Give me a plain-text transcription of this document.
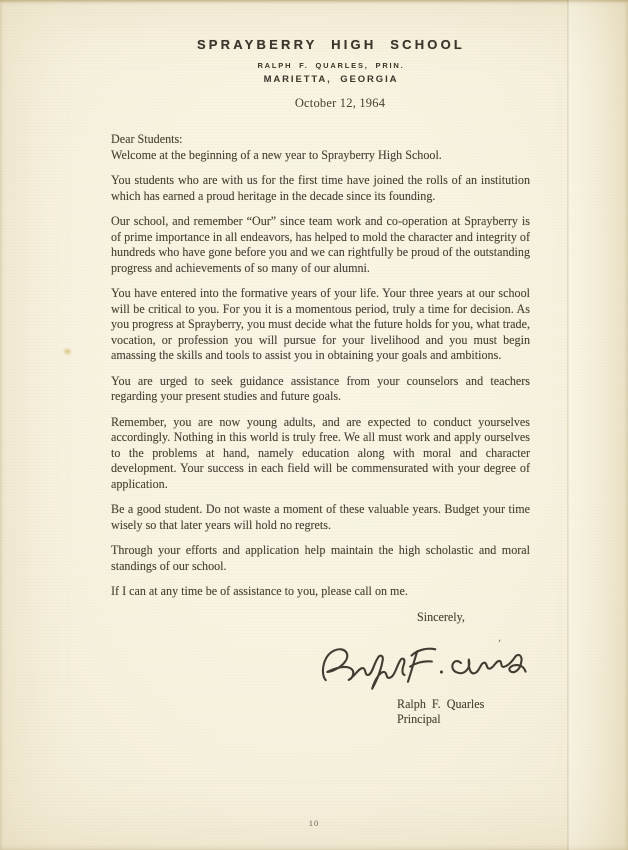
’
SPRAYBERRY HIGH SCHOOL
RALPH F. QUARLES, PRIN.
MARIETTA, GEORGIA
October 12, 1964

Dear Students:

Welcome at the beginning of a new year to Sprayberry High School.

You students who are with us for the first time have joined the rolls of an institution which has earned a proud heritage in the decade since its founding.

Our school, and remember “Our” since team work and co-operation at Sprayberry is of prime importance in all endeavors, has helped to mold the character and integrity of hundreds who have gone before you and we can rightfully be proud of the outstanding progress and achievements of so many of our alumni.

You have entered into the formative years of your life. Your three years at our school will be critical to you. For you it is a momentous period, truly a time for decision. As you progress at Sprayberry, you must decide what the future holds for you, what trade, vocation, or profession you will pursue for your livelihood and you must begin amassing the skills and tools to assist you in obtaining your goals and ambitions.

You are urged to seek guidance assistance from your counselors and teachers regarding your present studies and future goals.

Remember, you are now young adults, and are expected to conduct yourselves accordingly. Nothing in this world is truly free. We all must work and apply ourselves to the problems at hand, namely education along with moral and character development. Your success in each field will be commensurated with your degree of application.

Be a good student. Do not waste a moment of these valuable years. Budget your time wisely so that later years will hold no regrets.

Through your efforts and application help maintain the high scholastic and moral standings of our school.

If I can at any time be of assistance to you, please call on me.

Sincerely,
Ralph F. Quarles
Principal
10
